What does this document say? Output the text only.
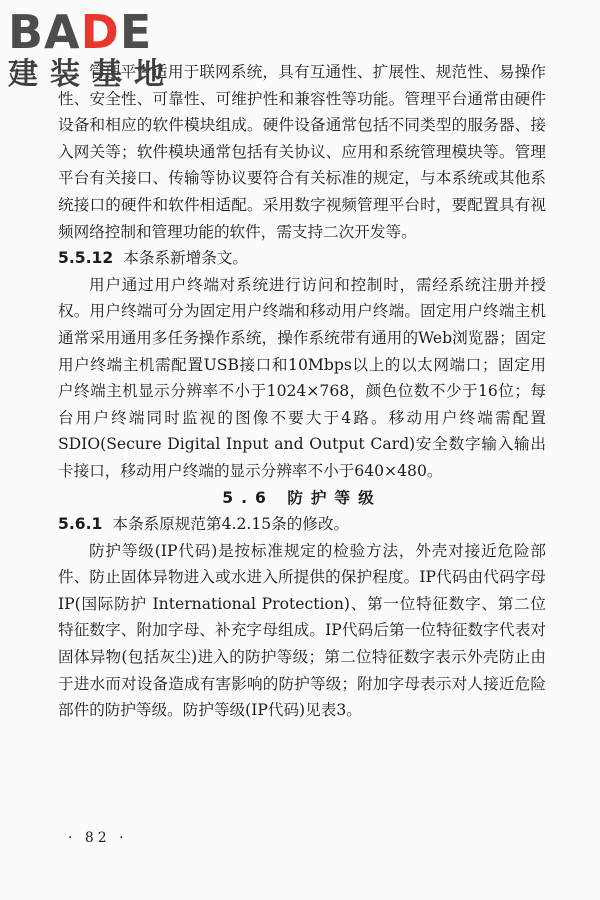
BADE
建装基地

管理平台适用于联网系统，具有互通性、扩展性、规范性、易操作性、安全性、可靠性、可维护性和兼容性等功能。管理平台通常由硬件设备和相应的软件模块组成。硬件设备通常包括不同类型的服务器、接入网关等；软件模块通常包括有关协议、应用和系统管理模块等。管理平台有关接口、传输等协议要符合有关标准的规定，与本系统或其他系统接口的硬件和软件相适配。采用数字视频管理平台时，要配置具有视频网络控制和管理功能的软件，需支持二次开发等。

5.5.12 本条系新增条文。

用户通过用户终端对系统进行访问和控制时，需经系统注册并授权。用户终端可分为固定用户终端和移动用户终端。固定用户终端主机通常采用通用多任务操作系统，操作系统带有通用的Web浏览器；固定用户终端主机需配置USB接口和10Mbps以上的以太网端口；固定用户终端主机显示分辨率不小于1024×768，颜色位数不少于16位；每台用户终端同时监视的图像不要大于4路。移动用户终端需配置SDIO(Secure Digital Input and Output Card)安全数字输入输出卡接口，移动用户终端的显示分辨率不小于640×480。

5.6 防护等级

5.6.1 本条系原规范第4.2.15条的修改。

防护等级(IP代码)是按标准规定的检验方法，外壳对接近危险部件、防止固体异物进入或水进入所提供的保护程度。IP代码由代码字母IP(国际防护 International Protection)、第一位特征数字、第二位特征数字、附加字母、补充字母组成。IP代码后第一位特征数字代表对固体异物(包括灰尘)进入的防护等级；第二位特征数字表示外壳防止由于进水而对设备造成有害影响的防护等级；附加字母表示对人接近危险部件的防护等级。防护等级(IP代码)见表3。

· 82 ·
